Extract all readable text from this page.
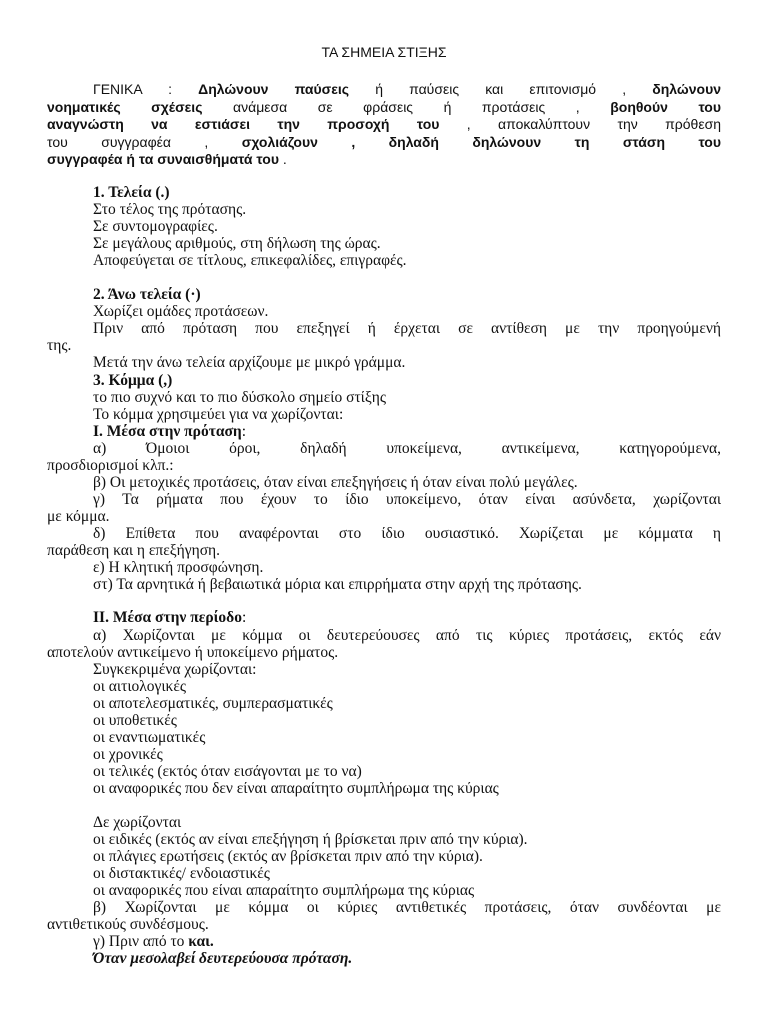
ΤΑ ΣΗΜΕΙΑ ΣΤΙΞΗΣ
ΓΕΝΙΚΑ : Δηλώνουν παύσεις ή παύσεις και επιτονισμό , δηλώνουν
νοηματικές σχέσεις ανάμεσα σε φράσεις ή προτάσεις , βοηθούν του
αναγνώστη να εστιάσει την προσοχή του , αποκαλύπτουν την πρόθεση
του συγγραφέα , σχολιάζουν , δηλαδή δηλώνουν τη στάση του
συγγραφέα ή τα συναισθήματά του .
1. Τελεία (.)
Στο τέλος της πρότασης.
Σε συντομογραφίες.
Σε μεγάλους αριθμούς, στη δήλωση της ώρας.
Αποφεύγεται σε τίτλους, επικεφαλίδες, επιγραφές.
2. Άνω τελεία (·)
Χωρίζει ομάδες προτάσεων.
Πριν από πρόταση που επεξηγεί ή έρχεται σε αντίθεση με την προηγούμενή
της.
Μετά την άνω τελεία αρχίζουμε με μικρό γράμμα.
3. Κόμμα (,)
το πιο συχνό και το πιο δύσκολο σημείο στίξης
Το κόμμα χρησιμεύει για να χωρίζονται:
Ι. Μέσα στην πρόταση:
α) Όμοιοι όροι, δηλαδή υποκείμενα, αντικείμενα, κατηγορούμενα,
προσδιορισμοί κλπ.:
β) Οι μετοχικές προτάσεις, όταν είναι επεξηγήσεις ή όταν είναι πολύ μεγάλες.
γ) Τα ρήματα που έχουν το ίδιο υποκείμενο, όταν είναι ασύνδετα, χωρίζονται
με κόμμα.
δ) Επίθετα που αναφέρονται στο ίδιο ουσιαστικό. Χωρίζεται με κόμματα η
παράθεση και η επεξήγηση.
ε) Η κλητική προσφώνηση.
στ) Τα αρνητικά ή βεβαιωτικά μόρια και επιρρήματα στην αρχή της πρότασης.
ΙΙ. Μέσα στην περίοδο:
α) Χωρίζονται με κόμμα οι δευτερεύουσες από τις κύριες προτάσεις, εκτός εάν
αποτελούν αντικείμενο ή υποκείμενο ρήματος.
Συγκεκριμένα χωρίζονται:
οι αιτιολογικές
οι αποτελεσματικές, συμπερασματικές
οι υποθετικές
οι εναντιωματικές
οι χρονικές
οι τελικές (εκτός όταν εισάγονται με το να)
οι αναφορικές που δεν είναι απαραίτητο συμπλήρωμα της κύριας
Δε χωρίζονται
οι ειδικές (εκτός αν είναι επεξήγηση ή βρίσκεται πριν από την κύρια).
οι πλάγιες ερωτήσεις (εκτός αν βρίσκεται πριν από την κύρια).
οι διστακτικές/ ενδοιαστικές
οι αναφορικές που είναι απαραίτητο συμπλήρωμα της κύριας
β) Χωρίζονται με κόμμα οι κύριες αντιθετικές προτάσεις, όταν συνδέονται με
αντιθετικούς συνδέσμους.
γ) Πριν από το και.
Όταν μεσολαβεί δευτερεύουσα πρόταση.
